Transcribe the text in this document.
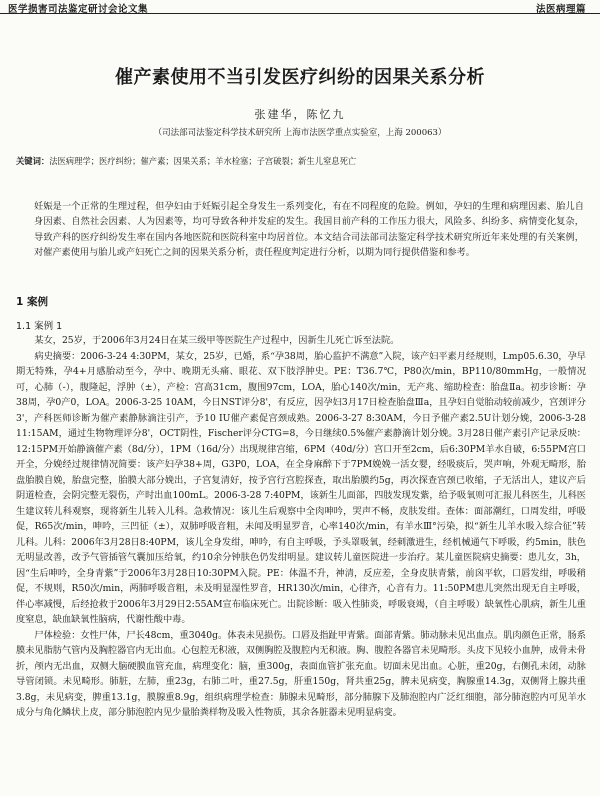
医学损害司法鉴定研讨会论文集	法医病理篇
催产素使用不当引发医疗纠纷的因果关系分析
张建华，陈忆九
（司法部司法鉴定科学技术研究所 上海市法医学重点实验室，上海 200063）
关键词：法医病理学；医疗纠纷；催产素；因果关系；羊水栓塞；子宫破裂；新生儿窒息死亡

妊娠是一个正常的生理过程，但孕妇由于妊娠引起全身发生一系列变化，有在不同程度的危险。例如，孕妇的生理和病理因素、胎儿自身因素、自然社会因素、人为因素等，均可导致各种并发症的发生。我国目前产科的工作压力很大，风险多、纠纷多、病情变化复杂，导致产科的医疗纠纷发生率在国内各地医院和医院科室中均居首位。本文结合司法部司法鉴定科学技术研究所近年来处理的有关案例，对催产素使用与胎儿或产妇死亡之间的因果关系分析，责任程度判定进行分析，以期为同行提供借鉴和参考。

1 案例
1.1 案例 1

某女，25岁，于2006年3月24日在某三级甲等医院生产过程中，因新生儿死亡诉至法院。

病史摘要：2006-3-24 4:30PM，某女，25岁，已婚，系“孕38周，胎心监护不满意”入院，该产妇平素月经规则，Lmp05.6.30，孕早期无特殊，孕4+月感胎动至今，孕中、晚期无头痛、眼花、双下肢浮肿史。PE：T36.7℃，P80次/min，BP110/80mmHg，一般情况可，心肺（-），腹隆起，浮肿（±），产检：宫高31cm，腹围97cm，LOA，胎心140次/min，无产兆、缩助检查：胎盘Ⅱa。初步诊断：孕38周，孕0产0，LOA。2006-3-25 10AM，今日NST评分8'，有反应，因孕妇3月17日检查胎盘Ⅲa，且孕妇自觉胎动较前减少，宫颈评分3'，产科医师诊断为催产素静脉滴注引产，予10 IU催产素促宫颈成熟。2006-3-27 8:30AM，今日予催产素2.5U计划分娩，2006-3-28 11:15AM，通过生物物理评分8'，OCT阴性，Fischer评分CTG=8，今日继续0.5%催产素静滴计划分娩。3月28日催产素引产记录反映：12:15PM开始静滴催产素（8d/分），1PM（16d/分）出现规律宫缩，6PM（40d/分）宫口开至2cm，后6:30PM羊水自破，6:55PM宫口开全，分娩经过规律情况简要：该产妇孕38+周，G3P0，LOA，在全身麻醉下于7PM娩娩一活女婴，经吸痰后，哭声响，外观无畸形，胎盘胎膜自娩，胎盘完整，胎膜大部分娩出，子宫复清好，按予宫行宫腔探查，取出胎膜约5g，再次探查宫颈已收缩，子无活出人，建议产后阴道检查，会阴完整无裂伤，产时出血100mL。2006-3-28 7:40PM，该新生儿面部，四肢发现发紫，给予吸氧则可汇报儿科医生，儿科医生建议转儿科观察，现将新生儿转入儿科。急救情况：该儿生后观察中全肉呻吟，哭声不畅，皮肤发绀。查体：面部潮红，口周发绀，呼吸促，R65次/min，呻吟，三凹征（±），双肺呼吸音粗，未闻及明显罗音，心率140次/min，有羊水Ⅲ°污染，拟“新生儿羊水吸入综合征”转儿科。儿科：2006年3月28日8:40PM，该儿全身发绀，呻吟，有自主呼吸，予头罩吸氧，经刺激进生，经机械通气下呼吸，约5min，肤色无明显改善，改予气管插管气囊加压给氧，约10余分钟肤色仍发绀明显。建议转儿童医院进一步治疗。某儿童医院病史摘要：患儿女，3h，因“生后呻吟，全身青紫”于2006年3月28日10:30PM入院。PE：体温不升，神清，反应差，全身皮肤青紫，前囟平软，口唇发绀，呼吸稍促，不规则，R50次/min，两肺呼吸音粗，未及明显湿性罗音，HR130次/min，心律齐，心音有力。11:50PM患儿突然出现无自主呼吸，伴心率减慢，后经抢救于2006年3月29日2:55AM宣布临床死亡。出院诊断：吸入性肺炎，呼吸衰竭，（自主呼吸）缺氧性心肌病，新生儿重度窒息，缺血缺氧性脑病，代谢性酸中毒。

尸体检验：女性尸体，尸长48cm，重3040g。体表未见损伤。口唇及指趾甲青紫。面部青紫。肺动脉未见出血点。肌肉颜色正常，肠系膜未见脂肪气管内及胸腔器官内无出血。心包腔无积液，双侧胸腔及腹腔内无积液。胸、腹腔各器官未见畸形。头皮下见较小血肿，成骨未骨折，颅内无出血，双侧大脑硬膜血管充血，病理变化：脑，重300g，表面血管扩张充血。切面未见出血。心脏，重20g，右侧孔未闭，动脉导管闭锁。未见畸形。肺脏，左肺，重23g，右肺二叶，重27.5g，肝重150g，肾共重25g，脾未见病变，胸腺重14.3g，双侧肾上腺共重3.8g，未见病变，脾重13.1g，膜腺重8.9g，组织病理学检查：肺腺未见畸形，部分肺腺下及肺泡腔内广泛红细胞，部分肺泡腔内可见羊水成分与角化鳞状上皮，部分肺泡腔内见少量胎粪样物及吸入性物质，其余各脏器未见明显病变。
